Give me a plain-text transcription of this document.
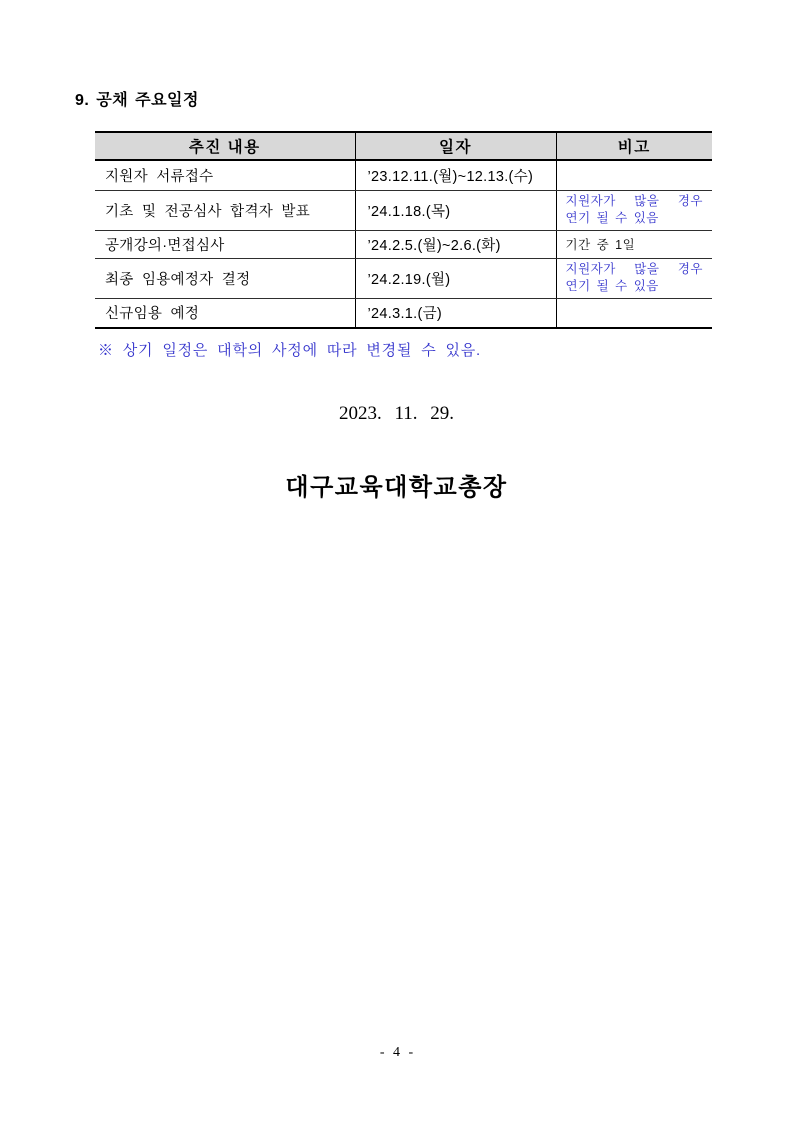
9. 공채 주요일정
추진 내용	일자	비고
지원자 서류접수	’23.12.11.(월)~12.13.(수)	

기초 및 전공심사 합격자 발표	’24.1.18.(목)	지원자가 많을 경우
연기 될 수 있음

공개강의·면접심사	’24.2.5.(월)~2.6.(화)	기간 중 1일

최종 임용예정자 결정	’24.2.19.(월)	지원자가 많을 경우
연기 될 수 있음

신규임용 예정	’24.3.1.(금)	

※ 상기 일정은 대학의 사정에 따라 변경될 수 있음.

2023. 11. 29.

대구교육대학교총장

- 4 -
